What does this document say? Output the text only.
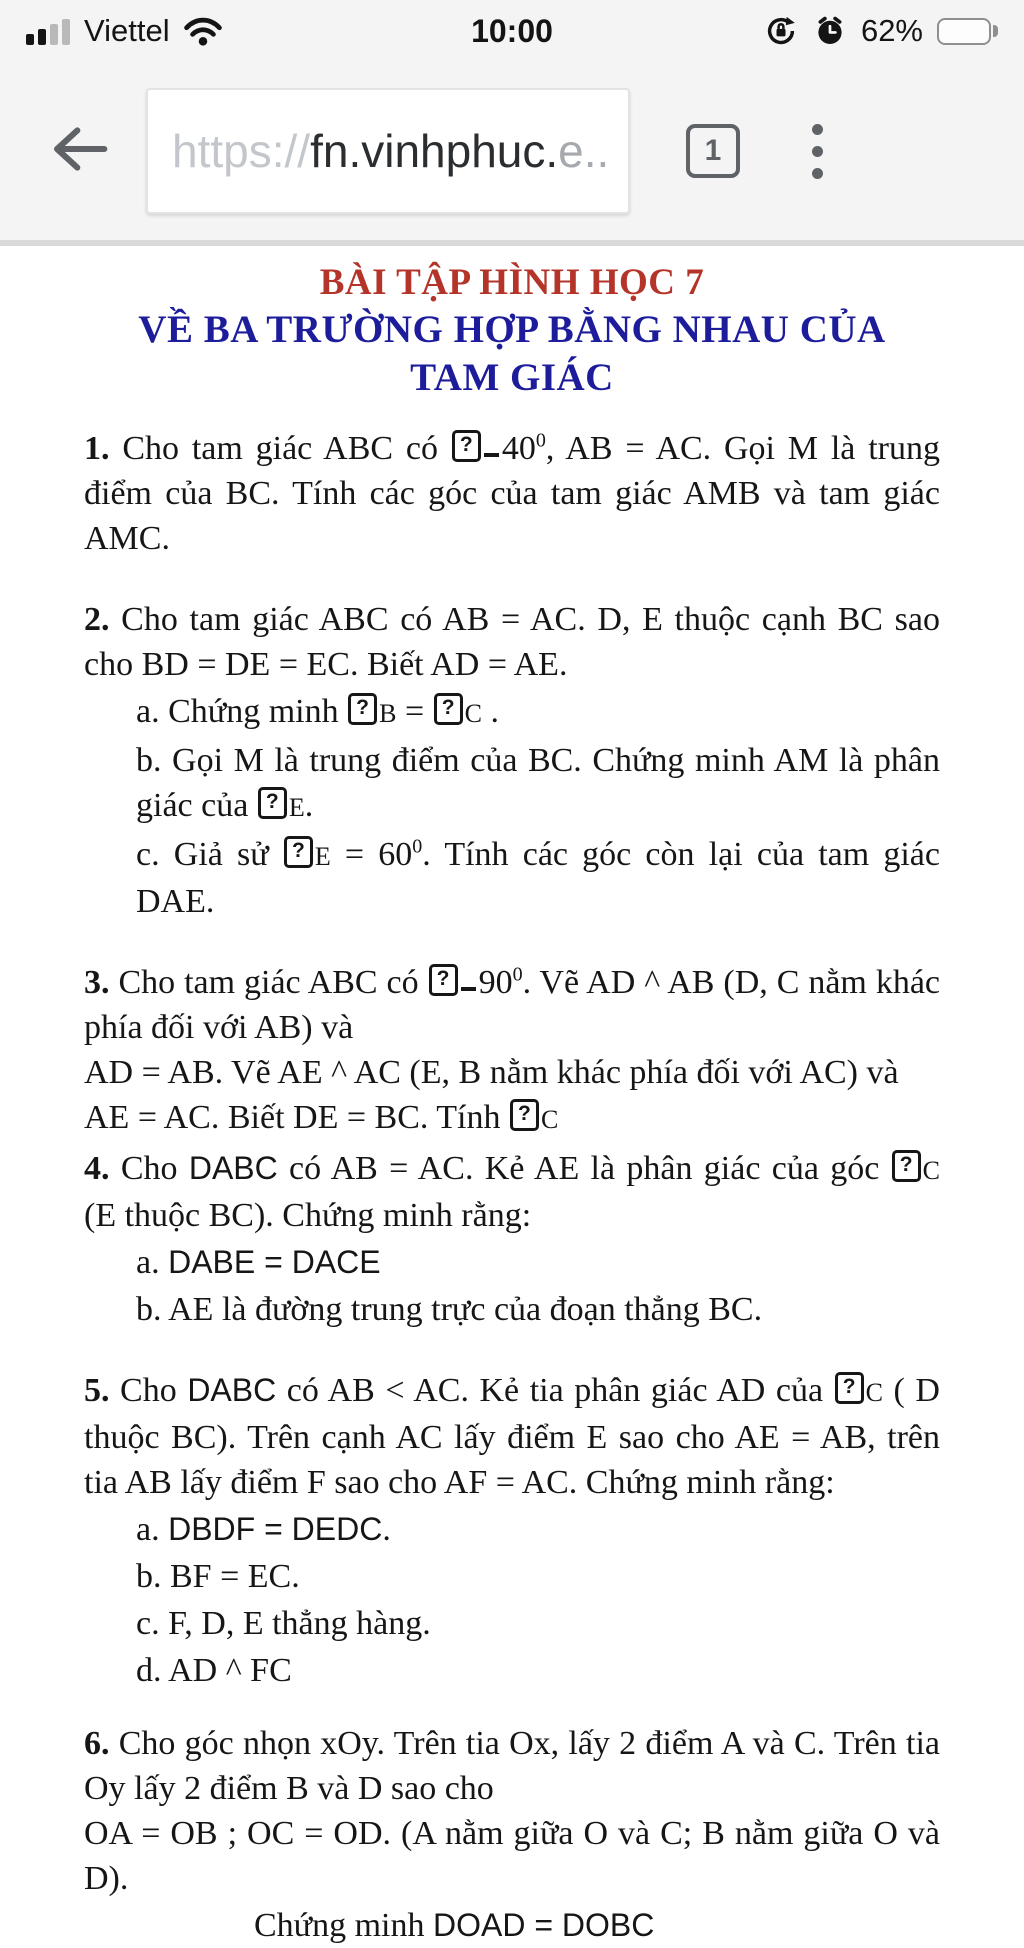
Viettel	10:00	62%
https:// fn.vinhphuc. e..	1
BÀI TẬP HÌNH HỌC 7
VỀ BA TRƯỜNG HỢP BẰNG NHAU CỦA
TAM GIÁC
1. Cho tam giác ABC có ? $40^0$, AB = AC. Gọi M là trung điểm của BC. Tính các góc của tam giác AMB và tam giác AMC.
2. Cho tam giác ABC có AB = AC. D, E thuộc cạnh BC sao cho BD = DE = EC. Biết AD = AE.
a. Chứng minh ? B = ? C .
b. Gọi M là trung điểm của BC. Chứng minh AM là phân giác của ? E.
c. Giả sử ? $E = 60^0$. Tính các góc còn lại của tam giác DAE.
3. Cho tam giác ABC có ? $90^0$. Vẽ AD ^ AB (D, C nằm khác phía đối với AB) và
AD = AB. Vẽ AE ^ AC (E, B nằm khác phía đối với AC) và
AE = AC. Biết DE = BC. Tính ? C
4. Cho DABC có AB = AC. Kẻ AE là phân giác của góc ? C (E thuộc BC). Chứng minh rằng:
a. DABE = DACE
b. AE là đường trung trực của đoạn thẳng BC.
5. Cho DABC có AB < AC. Kẻ tia phân giác AD của ? C ( D thuộc BC). Trên cạnh AC lấy điểm E sao cho AE = AB, trên tia AB lấy điểm F sao cho AF = AC. Chứng minh rằng:
a. DBDF = DEDC.
b. BF = EC.
c. F, D, E thẳng hàng.
d. AD ^ FC
6. Cho góc nhọn xOy. Trên tia Ox, lấy 2 điểm A và C. Trên tia Oy lấy 2 điểm B và D sao cho
OA = OB ; OC = OD. (A nằm giữa O và C; B nằm giữa O và D).
Chứng minh DOAD = DOBC
